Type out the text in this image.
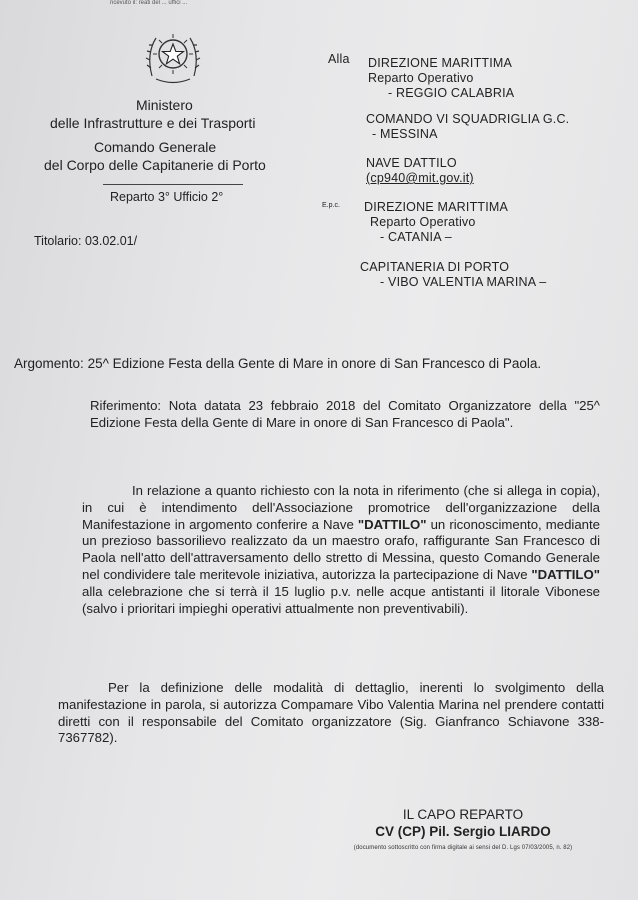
ricevuto il: reati del ... uffici ...
Ministero
delle Infrastrutture e dei Trasporti
Comando Generale
del Corpo delle Capitanerie di Porto
Reparto 3° Ufficio 2°
Titolario: 03.02.01/
Alla DIREZIONE MARITTIMA
Reparto Operativo
- REGGIO CALABRIA
COMANDO VI SQUADRIGLIA G.C.
- MESSINA
NAVE DATTILO
(cp940@mit.gov.it)
E.p.c. DIREZIONE MARITTIMA
Reparto Operativo
- CATANIA –
CAPITANERIA DI PORTO
- VIBO VALENTIA MARINA –
Argomento: 25^ Edizione Festa della Gente di Mare in onore di San Francesco di Paola.
Riferimento: Nota datata 23 febbraio 2018 del Comitato Organizzatore della "25^ Edizione Festa della Gente di Mare in onore di San Francesco di Paola".
In relazione a quanto richiesto con la nota in riferimento (che si allega in copia), in cui è intendimento dell'Associazione promotrice dell'organizzazione della Manifestazione in argomento conferire a Nave "DATTILO" un riconoscimento, mediante un prezioso bassorilievo realizzato da un maestro orafo, raffigurante San Francesco di Paola nell'atto dell'attraversamento dello stretto di Messina, questo Comando Generale nel condividere tale meritevole iniziativa, autorizza la partecipazione di Nave "DATTILO" alla celebrazione che si terrà il 15 luglio p.v. nelle acque antistanti il litorale Vibonese (salvo i prioritari impieghi operativi attualmente non preventivabili).
Per la definizione delle modalità di dettaglio, inerenti lo svolgimento della manifestazione in parola, si autorizza Compamare Vibo Valentia Marina nel prendere contatti diretti con il responsabile del Comitato organizzatore (Sig. Gianfranco Schiavone 338-7367782).
IL CAPO REPARTO
CV (CP) Pil. Sergio LIARDO
(documento sottoscritto con firma digitale ai sensi del D. Lgs 07/03/2005, n. 82)
